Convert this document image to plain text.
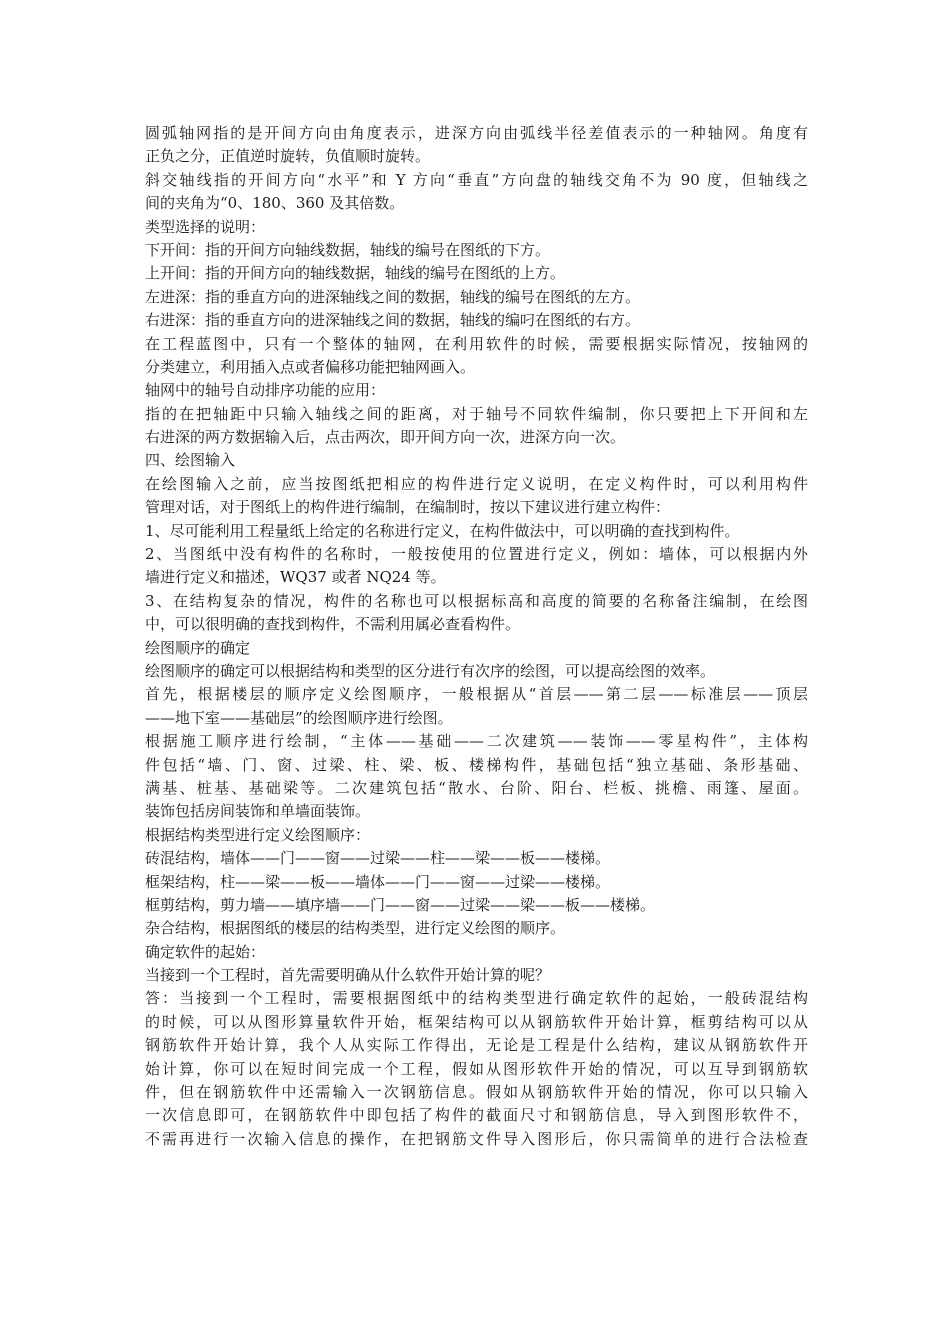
圆弧轴网指的是开间方向由角度表示，进深方向由弧线半径差值表示的一种轴网。角度有
正负之分，正值逆时旋转，负值顺时旋转。
斜交轴线指的开间方向“水平”和 Y 方向“垂直”方向盘的轴线交角不为 90 度，但轴线之
间的夹角为“0、180、360 及其倍数。
类型选择的说明：
下开间：指的开间方向轴线数据，轴线的编号在图纸的下方。
上开间：指的开间方向的轴线数据，轴线的编号在图纸的上方。
左进深：指的垂直方向的进深轴线之间的数据，轴线的编号在图纸的左方。
右进深：指的垂直方向的进深轴线之间的数据，轴线的编叼在图纸的右方。
在工程蓝图中，只有一个整体的轴网，在利用软件的时候，需要根据实际情况，按轴网的
分类建立，利用插入点或者偏移功能把轴网画入。
轴网中的轴号自动排序功能的应用：
指的在把轴距中只输入轴线之间的距离，对于轴号不同软件编制，你只要把上下开间和左
右进深的两方数据输入后，点击两次，即开间方向一次，进深方向一次。
四、绘图输入
在绘图输入之前，应当按图纸把相应的构件进行定义说明，在定义构件时，可以利用构件
管理对话，对于图纸上的构件进行编制，在编制时，按以下建议进行建立构件：
1、尽可能利用工程量纸上给定的名称进行定义，在构件做法中，可以明确的查找到构件。
2、当图纸中没有构件的名称时，一般按使用的位置进行定义，例如：墙体，可以根据内外
墙进行定义和描述，WQ37 或者 NQ24 等。
3、在结构复杂的情况，构件的名称也可以根据标高和高度的简要的名称备注编制，在绘图
中，可以很明确的查找到构件，不需利用属必查看构件。
绘图顺序的确定
绘图顺序的确定可以根据结构和类型的区分进行有次序的绘图，可以提高绘图的效率。
首先，根据楼层的顺序定义绘图顺序，一般根据从“首层——第二层——标准层——顶层
——地下室——基础层”的绘图顺序进行绘图。
根据施工顺序进行绘制，“主体——基础——二次建筑——装饰——零星构件”，主体构
件包括“墙、门、窗、过梁、柱、梁、板、楼梯构件，基础包括“独立基础、条形基础、
满基、桩基、基础梁等。二次建筑包括“散水、台阶、阳台、栏板、挑檐、雨篷、屋面。
装饰包括房间装饰和单墙面装饰。
根据结构类型进行定义绘图顺序：
砖混结构，墙体——门——窗——过梁——柱——梁——板——楼梯。
框架结构，柱——梁——板——墙体——门——窗——过梁——楼梯。
框剪结构，剪力墙——填序墙——门——窗——过梁——梁——板——楼梯。
杂合结构，根据图纸的楼层的结构类型，进行定义绘图的顺序。
确定软件的起始：
当接到一个工程时，首先需要明确从什么软件开始计算的呢？
答：当接到一个工程时，需要根据图纸中的结构类型进行确定软件的起始，一般砖混结构
的时候，可以从图形算量软件开始，框架结构可以从钢筋软件开始计算，框剪结构可以从
钢筋软件开始计算，我个人从实际工作得出，无论是工程是什么结构，建议从钢筋软件开
始计算，你可以在短时间完成一个工程，假如从图形软件开始的情况，可以互导到钢筋软
件，但在钢筋软件中还需输入一次钢筋信息。假如从钢筋软件开始的情况，你可以只输入
一次信息即可，在钢筋软件中即包括了构件的截面尺寸和钢筋信息，导入到图形软件不，
不需再进行一次输入信息的操作，在把钢筋文件导入图形后，你只需简单的进行合法检查
